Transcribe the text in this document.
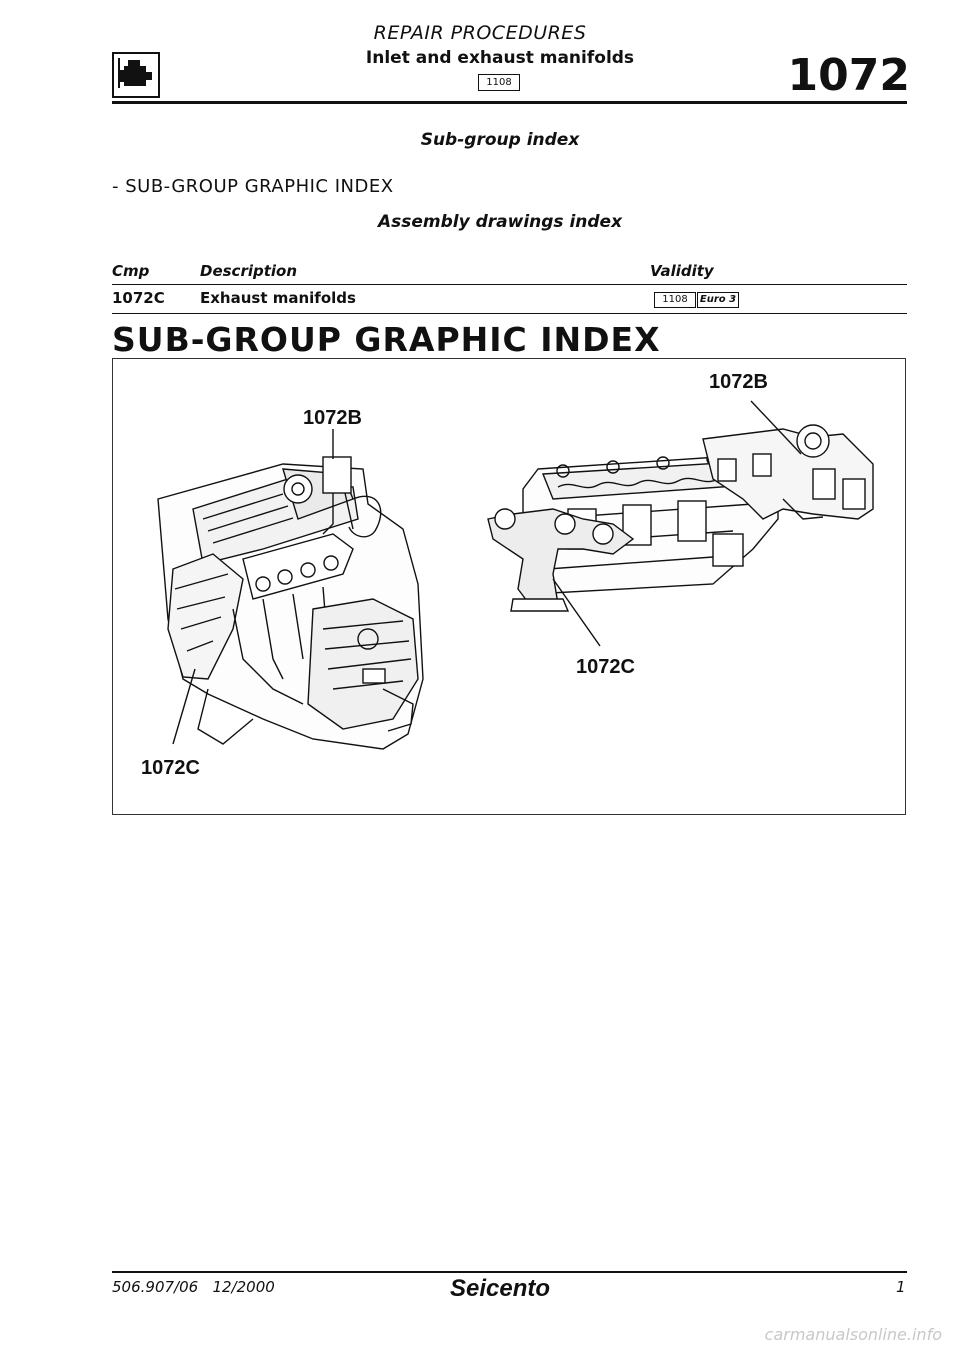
REPAIR PROCEDURES
Inlet and exhaust manifolds
1108	1072
Sub-group index
- SUB-GROUP GRAPHIC INDEX
Assembly drawings index
Cmp	Description	Validity
1072C Exhaust manifolds	1108	Euro 3
SUB-GROUP GRAPHIC INDEX
1072B
1072C
1072B
1072C
506.907/06   12/2000	Seicento	1
carmanualsonline.info
